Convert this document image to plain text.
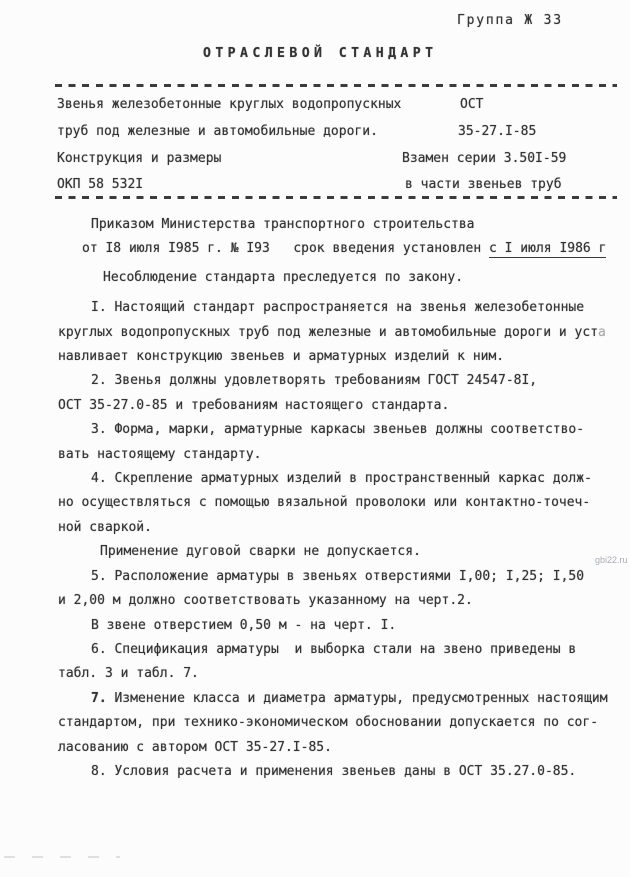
Группа Ж 33
ОТРАСЛЕВОЙ СТАНДАРТ
Звенья железобетонные круглых водопропускных
труб под железные и автомобильные дороги.
Конструкция и размеры
ОКП 58 532I
ОСТ
35-27.I-85
Взамен серии 3.50I-59
в части звеньев труб
Приказом Министерства транспортного строительства
от I8 июля I985 г. № I93   срок введения установлен с I июля I986 г
Несоблюдение стандарта преследуется по закону.
I. Настоящий стандарт распространяется на звенья железобетонные
круглых водопропускных труб под железные и автомобильные дороги и уста
навливает конструкцию звеньев и арматурных изделий к ним.
2. Звенья должны удовлетворять требованиям ГОСТ 24547-8I,
ОСТ 35-27.0-85 и требованиям настоящего стандарта.
3. Форма, марки, арматурные каркасы звеньев должны соответство-
вать настоящему стандарту.
4. Скрепление арматурных изделий в пространственный каркас долж-
но осуществляться с помощью вязальной проволоки или контактно-точеч-
ной сваркой.
Применение дуговой сварки не допускается.
5. Расположение арматуры в звеньях отверстиями I,00; I,25; I,50
и 2,00 м должно соответствовать указанному на черт.2.
В звене отверстием 0,50 м - на черт. I.
6. Спецификация арматуры  и выборка стали на звено приведены в
табл. 3 и табл. 7.
7. Изменение класса и диаметра арматуры, предусмотренных настоящим
стандартом, при технико-экономическом обосновании допускается по сог-
ласованию с автором ОСТ 35-27.I-85.
8. Условия расчета и применения звеньев даны в ОСТ 35.27.0-85.
gbi22.ru
